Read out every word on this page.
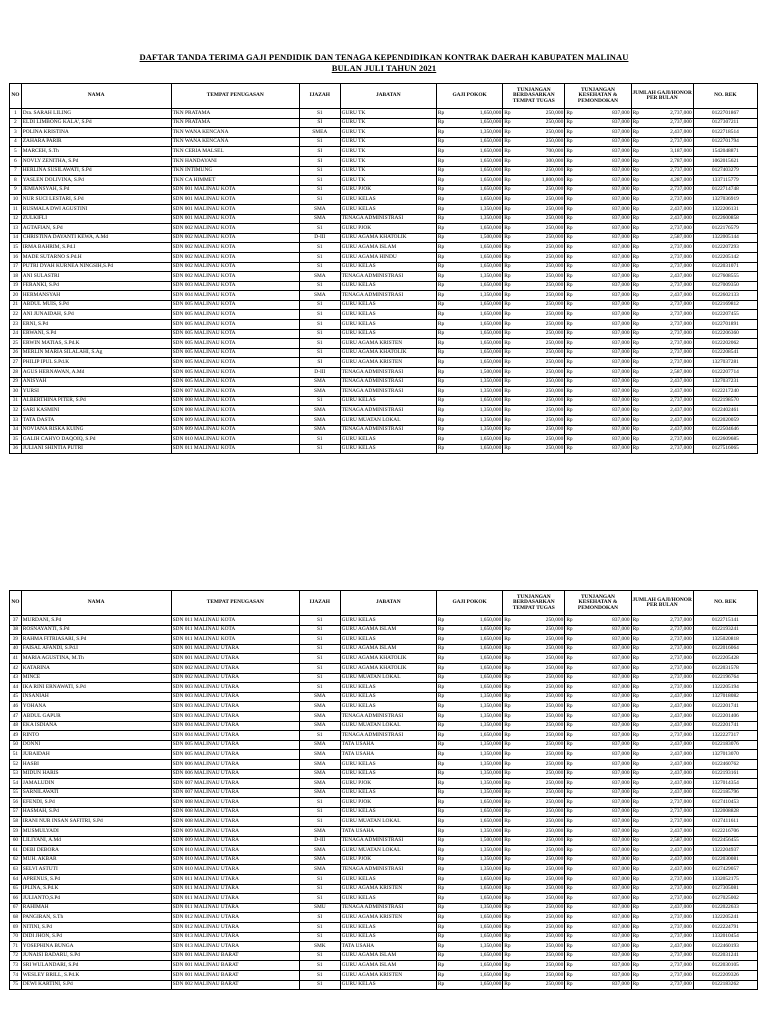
DAFTAR TANDA TERIMA GAJI PENDIDIK DAN TENAGA KEPENDIDIKAN KONTRAK DAERAH KABUPATEN MALINAU
BULAN JULI TAHUN 2021
NO	NAMA	TEMPAT PENUGASAN	IJAZAH	JABATAN	GAJI POKOK		TUNJANGAN BERDASARKAN TEMPAT TUGAS		TUNJANGAN KESEHATAN & PEMONDOKAN		JUMLAH GAJI/HONOR PER BULAN		NO. REK
1	Dra. SARAH LILING	TKN PRATAMA	S1	GURU TK	Rp	1,650,000	Rp	250,000	Rp	837,000	Rp	2,737,000	0122701867
2	ELDI LIMBONG KALA', S.Pd	TKN PRATAMA	SI	GURU TK	Rp	1,650,000	Rp	250,000	Rp	837,000	Rp	2,737,000	0127307211
3	POLINA KRISTINA	TKN WANA KENCANA	SMEA	GURU TK	Rp	1,350,000	Rp	250,000	Rp	837,000	Rp	2,437,000	0122718514
4	ZAHARA PARIR	TKN WANA KENCANA	S1	GURU TK	Rp	1,650,000	Rp	250,000	Rp	837,000	Rp	2,737,000	0122701794
5	MARCEH, S.Th	TKN CERIA MALSEL	SI	GURU TK	Rp	1,650,000	Rp	700,000	Rp	837,000	Rp	3,187,000	1542048871
6	NOVLY ZENITHA, S.Pd	TKN HANDAYANI	SI	GURU TK	Rp	1,650,000	Rp	300,000	Rp	837,000	Rp	2,787,000	1062015621
7	HERLINA SUSILAWATI, S.Pd	TKN INTIMUNG	S1	GURU TK	Rp	1,650,000	Rp	250,000	Rp	837,000	Rp	2,737,000	0127403279
8	YASLEN DOLIVINA, S.Pd	TKN CA HIMMET	S1	GURU TK	Rp	1,650,000	Rp	1,800,000	Rp	837,000	Rp	4,287,000	1337115779
9	JEMIANSYAH, S.Pd	SDN 001 MALINAU KOTA	S1	GURU PJOK	Rp	1,650,000	Rp	250,000	Rp	837,000	Rp	2,737,000	0122714748
10	NUR SUCI LESTARI, S.Pd	SDN 001 MALINAU KOTA	S1	GURU KELAS	Rp	1,650,000	Rp	250,000	Rp	837,000	Rp	2,737,000	1327036919
11	RUSMALA DWI AGUSTINI	SDN 001 MALINAU KOTA	SMA	GURU KELAS	Rp	1,350,000	Rp	250,000	Rp	837,000	Rp	2,437,000	1322206131
12	ZULKIFLI	SDN 001 MALINAU KOTA	SMA	TENAGA ADMINISTRASI	Rp	1,350,000	Rp	250,000	Rp	837,000	Rp	2,437,000	0122600858
13	AGTAFIAN, S.Pd	SDN 002 MALINAU KOTA	S1	GURU PJOK	Rp	1,650,000	Rp	250,000	Rp	837,000	Rp	2,737,000	0122176579
14	CHRISTINA DAYANTI KEWA, A.Md	SDN 002 MALINAU KOTA	D-III	GURU AGAMA KHATOLIK	Rp	1,500,000	Rp	250,000	Rp	837,000	Rp	2,587,000	1322005144
15	IRMA BAHRIM, S.Pd.I	SDN 002 MALINAU KOTA	S1	GURU AGAMA ISLAM	Rp	1,650,000	Rp	250,000	Rp	837,000	Rp	2,737,000	0122207293
16	MADE SUTARNO S.Pd.H	SDN 002 MALINAU KOTA	S1	GURU AGAMA HINDU	Rp	1,650,000	Rp	250,000	Rp	837,000	Rp	2,737,000	0122205142
17	PUTRI DYAH KURNEA NINGSIH,S.Pd	SDN 002 MALINAU KOTA	S1	GURU KELAS	Rp	1,650,000	Rp	250,000	Rp	837,000	Rp	2,737,000	0122031071
18	ANI SULASTRI	SDN 002 MALINAU KOTA	SMA	TENAGA ADMINISTRASI	Rp	1,350,000	Rp	250,000	Rp	837,000	Rp	2,437,000	0127608555
19	FERANKI, S.Pd	SDN 003 MALINAU KOTA	S1	GURU KELAS	Rp	1,650,000	Rp	250,000	Rp	837,000	Rp	2,737,000	0127009350
20	HERMANSYAH	SDN 004 MALINAU KOTA	SMA	TENAGA ADMINISTRASI	Rp	1,350,000	Rp	250,000	Rp	837,000	Rp	2,437,000	0122602133
21	ABDUL MUIS, S.Pd	SDN 005 MALINAU KOTA	S1	GURU KELAS	Rp	1,650,000	Rp	250,000	Rp	837,000	Rp	2,737,000	0122169812
22	ANI JUNAIDAH, S.Pd	SDN 005 MALINAU KOTA	S1	GURU KELAS	Rp	1,650,000	Rp	250,000	Rp	837,000	Rp	2,737,000	0122207455
23	ERNI, S.Pd	SDN 005 MALINAU KOTA	S1	GURU KELAS	Rp	1,650,000	Rp	250,000	Rp	837,000	Rp	2,737,000	0122701891
24	ERWANI, S.Pd	SDN 005 MALINAU KOTA	S1	GURU KELAS	Rp	1,650,000	Rp	250,000	Rp	837,000	Rp	2,737,000	0122206360
25	ERWIN MATIAS, S.Pd.K	SDN 005 MALINAU KOTA	S1	GURU AGAMA KRISTEN	Rp	1,650,000	Rp	250,000	Rp	837,000	Rp	2,737,000	0122202062
26	MERLIN MARIA SILALAHI, S.Ag	SDN 005 MALINAU KOTA	S1	GURU AGAMA KHATOLIK	Rp	1,650,000	Rp	250,000	Rp	837,000	Rp	2,737,000	0122208541
27	PHILIP IPUL S.Pd.K	SDN 005 MALINAU KOTA	SI	GURU AGAMA KRISTEN	Rp	1,650,000	Rp	250,000	Rp	837,000	Rp	2,737,000	1327037281
28	AGUS HERNAWAN, A.Md	SDN 005 MALINAU KOTA	D-III	TENAGA ADMINISTRASI	Rp	1,500,000	Rp	250,000	Rp	837,000	Rp	2,587,000	0122207714
29	ANISYAH	SDN 005 MALINAU KOTA	SMA	TENAGA ADMINISTRASI	Rp	1,350,000	Rp	250,000	Rp	837,000	Rp	2,437,000	1327037231
30	YURSI	SDN 007 MALINAU KOTA	SMA	TENAGA ADMINISTRASI	Rp	1,350,000	Rp	250,000	Rp	837,000	Rp	2,437,000	0122217240
31	ALBERTHINA PITER, S.Pd	SDN 008 MALINAU KOTA	S1	GURU KELAS	Rp	1,650,000	Rp	250,000	Rp	837,000	Rp	2,737,000	0122198570
32	SARI KASMINI	SDN 008 MALINAU KOTA	SMA	TENAGA ADMINISTRASI	Rp	1,350,000	Rp	250,000	Rp	837,000	Rp	2,437,000	0122402461
33	TATA DASTA	SDN 009 MALINAU KOTA	SMA	GURU MUATAN LOKAL	Rp	1,350,000	Rp	250,000	Rp	837,000	Rp	2,437,000	0122020059
34	NOVIANA RISKA KUING	SDN 009 MALINAU KOTA	SMA	TENAGA ADMINISTRASI	Rp	1,350,000	Rp	250,000	Rp	837,000	Rp	2,437,000	0122504646
35	GALIH CAHYO DAQOIQ, S.Pd	SDN 010 MALINAU KOTA	S1	GURU KELAS	Rp	1,650,000	Rp	250,000	Rp	837,000	Rp	2,737,000	0122609685
36	JULIANI SHINTIA PUTRI	SDN 011 MALINAU KOTA	S1	GURU KELAS	Rp	1,650,000	Rp	250,000	Rp	837,000	Rp	2,737,000	0127516065
NO	NAMA	TEMPAT PENUGASAN	IJAZAH	JABATAN	GAJI POKOK		TUNJANGAN BERDASARKAN TEMPAT TUGAS		TUNJANGAN KESEHATAN & PEMONDOKAN		JUMLAH GAJI/HONOR PER BULAN		NO. REK
37	MURDANI, S.Pd	SDN 011 MALINAU KOTA	S1	GURU KELAS	Rp	1,650,000	Rp	250,000	Rp	837,000	Rp	2,737,000	0122715141
38	ROSNAYANTI, S.Pd	SDN 011 MALINAU KOTA	S1	GURU AGAMA ISLAM	Rp	1,650,000	Rp	250,000	Rp	837,000	Rp	2,737,000	0122193241
39	RAHMA FITRIASARI, S.Pd	SDN 011 MALINAU KOTA	S1	GURU KELAS	Rp	1,650,000	Rp	250,000	Rp	837,000	Rp	2,737,000	1325020818
40	FAISAL AFANDI, S.Pd.I	SDN 001 MALINAU UTARA	S1	GURU AGAMA ISLAM	Rp	1,650,000	Rp	250,000	Rp	837,000	Rp	2,737,000	0122016064
41	MARIA AGUSTINA, M.Th	SDN 001 MALINAU UTARA	S1	GURU AGAMA KHATOLIK	Rp	1,650,000	Rp	250,000	Rp	837,000	Rp	2,737,000	0122205428
42	KATARINA	SDN 002 MALINAU UTARA	S1	GURU AGAMA KHATOLIK	Rp	1,650,000	Rp	250,000	Rp	837,000	Rp	2,737,000	0122031578
43	MINCE	SDN 002 MALINAU UTARA	S1	GURU MUATAN LOKAL	Rp	1,650,000	Rp	250,000	Rp	837,000	Rp	2,737,000	0122196764
44	IKA RINI ERNAWATI, S.Pd	SDN 003 MALINAU UTARA	S1	GURU KELAS	Rp	1,650,000	Rp	250,000	Rp	837,000	Rp	2,737,000	1322205194
45	INSANIAH	SDN 003 MALINAU UTARA	SMA	GURU KELAS	Rp	1,350,000	Rp	250,000	Rp	837,000	Rp	2,437,000	1327018082
46	YOHANA	SDN 003 MALINAU UTARA	SMA	GURU KELAS	Rp	1,350,000	Rp	250,000	Rp	837,000	Rp	2,437,000	0122201741
47	ABDUL GAPUR	SDN 003 MALINAU UTARA	SMA	TENAGA ADMINISTRASI	Rp	1,350,000	Rp	250,000	Rp	837,000	Rp	2,437,000	0122201406
48	EKA ISDIANA	SDN 004 MALINAU UTARA	SMA	GURU MUATAN LOKAL	Rp	1,350,000	Rp	250,000	Rp	837,000	Rp	2,437,000	0122201741
49	RINTO	SDN 004 MALINAU UTARA	S1	TENAGA ADMINISTRASI	Rp	1,650,000	Rp	250,000	Rp	837,000	Rp	2,737,000	1322227317
50	DONNI	SDN 005 MALINAU UTARA	SMA	TATA USAHA	Rp	1,350,000	Rp	250,000	Rp	837,000	Rp	2,437,000	0122183076
51	JUBAIDAH	SDN 005 MALINAU UTARA	SMA	TATA USAHA	Rp	1,350,000	Rp	250,000	Rp	837,000	Rp	2,437,000	1327013070
52	HASBI	SDN 006 MALINAU UTARA	SMA	GURU KELAS	Rp	1,350,000	Rp	250,000	Rp	837,000	Rp	2,437,000	0122460762
53	MIDUN HARIS	SDN 006 MALINAU UTARA	SMA	GURU KELAS	Rp	1,350,000	Rp	250,000	Rp	837,000	Rp	2,437,000	0122193161
54	JAMALUDIN	SDN 007 MALINAU UTARA	SMA	GURU PJOK	Rp	1,350,000	Rp	250,000	Rp	837,000	Rp	2,437,000	1327014354
55	SARNILAWATI	SDN 007 MALINAU UTARA	SMA	GURU KELAS	Rp	1,350,000	Rp	250,000	Rp	837,000	Rp	2,437,000	0122185796
56	EFENDI, S.Pd	SDN 008 MALINAU UTARA	S1	GURU PJOK	Rp	1,650,000	Rp	250,000	Rp	837,000	Rp	2,737,000	0127410453
57	HASMAH, S.Pd	SDN 008 MALINAU UTARA	S1	GURU KELAS	Rp	1,650,000	Rp	250,000	Rp	837,000	Rp	2,737,000	1322008828
58	IRANI NUR INSAN SAFITRI, S.Pd	SDN 008 MALINAU UTARA	S1	GURU MUATAN LOKAL	Rp	1,650,000	Rp	250,000	Rp	837,000	Rp	2,737,000	0127411611
59	MUSMULYADI	SDN 009 MALINAU UTARA	SMA	TATA USAHA	Rp	1,350,000	Rp	250,000	Rp	837,000	Rp	2,437,000	0122216706
60	LILIYANI, A.Md	SDN 009 MALINAU UTARA	D-III	TENAGA ADMINISTRASI	Rp	1,500,000	Rp	250,000	Rp	837,000	Rp	2,587,000	0122456455
61	DEBI DEBORA	SDN 010 MALINAU UTARA	SMA	GURU MUATAN LOKAL	Rp	1,350,000	Rp	250,000	Rp	837,000	Rp	2,437,000	1322204937
62	MUH. AKBAR	SDN 010 MALINAU UTARA	SMA	GURU PJOK	Rp	1,350,000	Rp	250,000	Rp	837,000	Rp	2,437,000	0122030081
63	SELVI ASTUTI	SDN 010 MALINAU UTARA	SMA	TENAGA ADMINISTRASI	Rp	1,350,000	Rp	250,000	Rp	837,000	Rp	2,437,000	0127429057
64	APRENUS, S.Pd	SDN 011 MALINAU UTARA	S1	GURU KELAS	Rp	1,650,000	Rp	250,000	Rp	837,000	Rp	2,737,000	1332052175
65	IPLINA, S.Pd.K	SDN 011 MALINAU UTARA	S1	GURU AGAMA KRISTEN	Rp	1,650,000	Rp	250,000	Rp	837,000	Rp	2,737,000	0127305081
66	JULIANTO,S.Pd	SDN 011 MALINAU UTARA	S1	GURU KELAS	Rp	1,650,000	Rp	250,000	Rp	837,000	Rp	2,737,000	0127025002
67	RAHIMAH	SDN 011 MALINAU UTARA	SMU	TENAGA ADMINISTRASI	Rp	1,350,000	Rp	250,000	Rp	837,000	Rp	2,437,000	0122022633
68	PANGIRAN, S.Th	SDN 012 MALINAU UTARA	SI	GURU AGAMA KRISTEN	Rp	1,650,000	Rp	250,000	Rp	837,000	Rp	2,737,000	1322205241
69	NITINI, S.Pd	SDN 012 MALINAU UTARA	S1	GURU KELAS	Rp	1,650,000	Rp	250,000	Rp	837,000	Rp	2,737,000	0122224791
70	DIDI JHON, S.Pd	SDN 013 MALINAU UTARA	S1	GURU KELAS	Rp	1,650,000	Rp	250,000	Rp	837,000	Rp	2,737,000	1332010454
71	YOSEPHINA BUNGA	SDN 013 MALINAU UTARA	SMK	TATA USAHA	Rp	1,350,000	Rp	250,000	Rp	837,000	Rp	2,437,000	0122460193
72	JUNAISI BADARU, S.Pd	SDN 001 MALINAU BARAT	S1	GURU AGAMA ISLAM	Rp	1,650,000	Rp	250,000	Rp	837,000	Rp	2,737,000	0122031241
73	SRI WULANDARI, S.Pd	SDN 001 MALINAU BARAT	S1	GURU AGAMA ISLAM	Rp	1,650,000	Rp	250,000	Rp	837,000	Rp	2,737,000	0122030105
74	WESLEY BRILL, S.Pd.K	SDN 001 MALINAU BARAT	S1	GURU AGAMA KRISTEN	Rp	1,650,000	Rp	250,000	Rp	837,000	Rp	2,737,000	0122209326
75	DEWI KARTINI, S.Pd	SDN 002 MALINAU BARAT	S1	GURU KELAS	Rp	1,650,000	Rp	250,000	Rp	837,000	Rp	2,737,000	0122183262
